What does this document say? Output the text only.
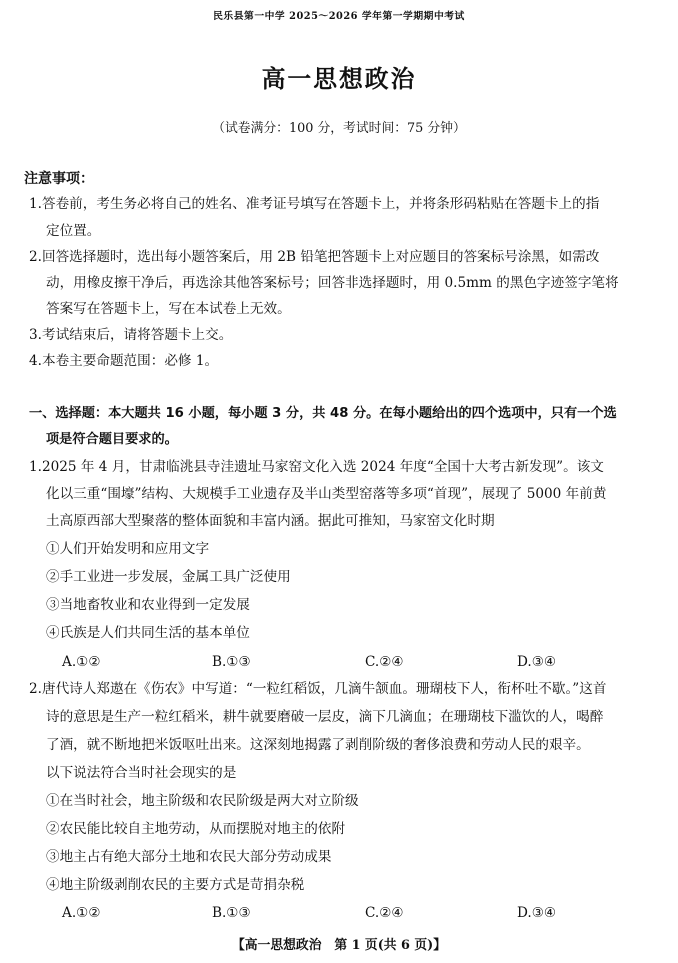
民乐县第一中学 2025～2026 学年第一学期期中考试
高一思想政治
（试卷满分：100 分，考试时间：75 分钟）
注意事项：
1.答卷前，考生务必将自己的姓名、准考证号填写在答题卡上，并将条形码粘贴在答题卡上的指
定位置。
2.回答选择题时，选出每小题答案后，用 2B 铅笔把答题卡上对应题目的答案标号涂黑，如需改
动，用橡皮擦干净后，再选涂其他答案标号；回答非选择题时，用 0.5mm 的黑色字迹签字笔将
答案写在答题卡上，写在本试卷上无效。
3.考试结束后，请将答题卡上交。
4.本卷主要命题范围：必修 1。
一、选择题：本大题共 16 小题，每小题 3 分，共 48 分。在每小题给出的四个选项中，只有一个选
项是符合题目要求的。
1.2025 年 4 月，甘肃临洮县寺洼遗址马家窑文化入选 2024 年度“全国十大考古新发现”。该文
化以三重“围壕”结构、大规模手工业遗存及半山类型窑落等多项“首现”，展现了 5000 年前黄
土高原西部大型聚落的整体面貌和丰富内涵。据此可推知，马家窑文化时期
①人们开始发明和应用文字
②手工业进一步发展，金属工具广泛使用
③当地畜牧业和农业得到一定发展
④氏族是人们共同生活的基本单位
A.①②	B.①③	C.②④	D.③④
2.唐代诗人郑遨在《伤农》中写道：“一粒红稻饭，几滴牛颔血。珊瑚枝下人，衔杯吐不歇。”这首
诗的意思是生产一粒红稻米，耕牛就要磨破一层皮，滴下几滴血；在珊瑚枝下滥饮的人，喝醉
了酒，就不断地把米饭呕吐出来。这深刻地揭露了剥削阶级的奢侈浪费和劳动人民的艰辛。
以下说法符合当时社会现实的是
①在当时社会，地主阶级和农民阶级是两大对立阶级
②农民能比较自主地劳动，从而摆脱对地主的依附
③地主占有绝大部分土地和农民大部分劳动成果
④地主阶级剥削农民的主要方式是苛捐杂税
A.①②	B.①③	C.②④	D.③④
【高一思想政治　第 1 页(共 6 页)】
